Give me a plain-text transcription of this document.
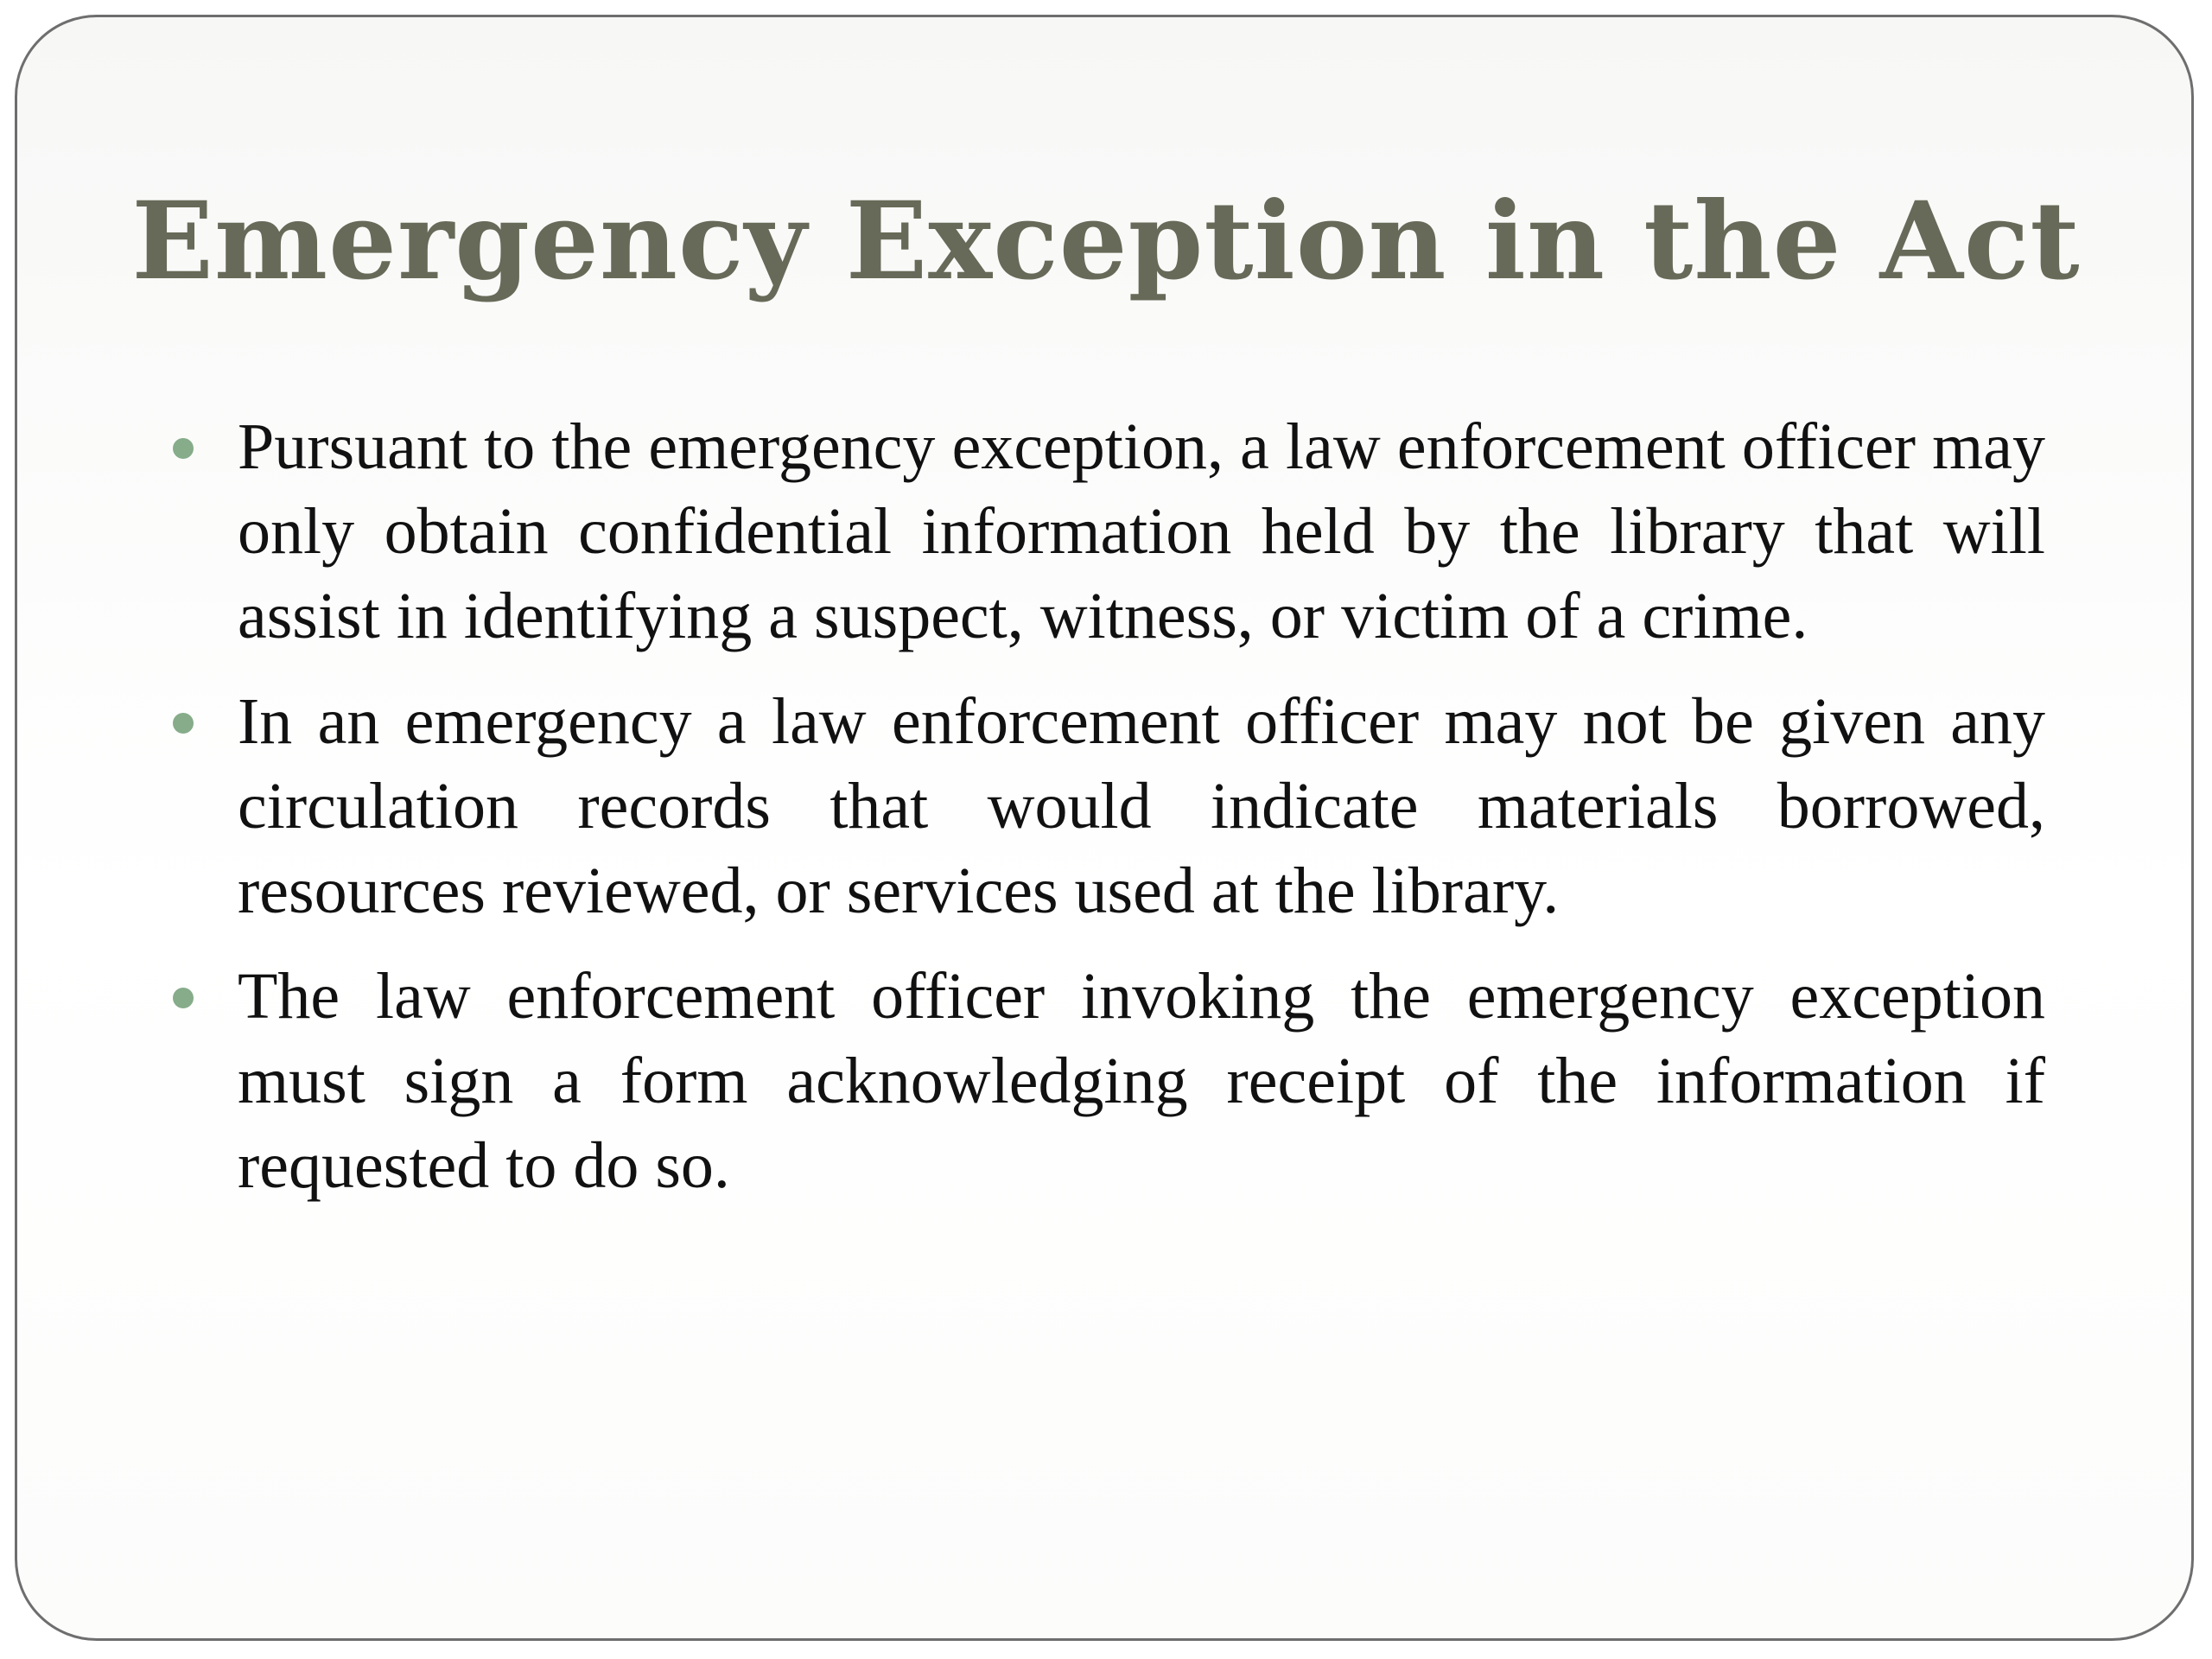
Emergency Exception in the Act
Pursuant to the emergency exception, a law enforcement officer may only obtain confidential information held by the library that will assist in identifying a suspect, witness, or victim of a crime.
In an emergency a law enforcement officer may not be given any circulation records that would indicate materials borrowed, resources reviewed, or services used at the library.
The law enforcement officer invoking the emergency exception must sign a form acknowledging receipt of the information if requested to do so.
